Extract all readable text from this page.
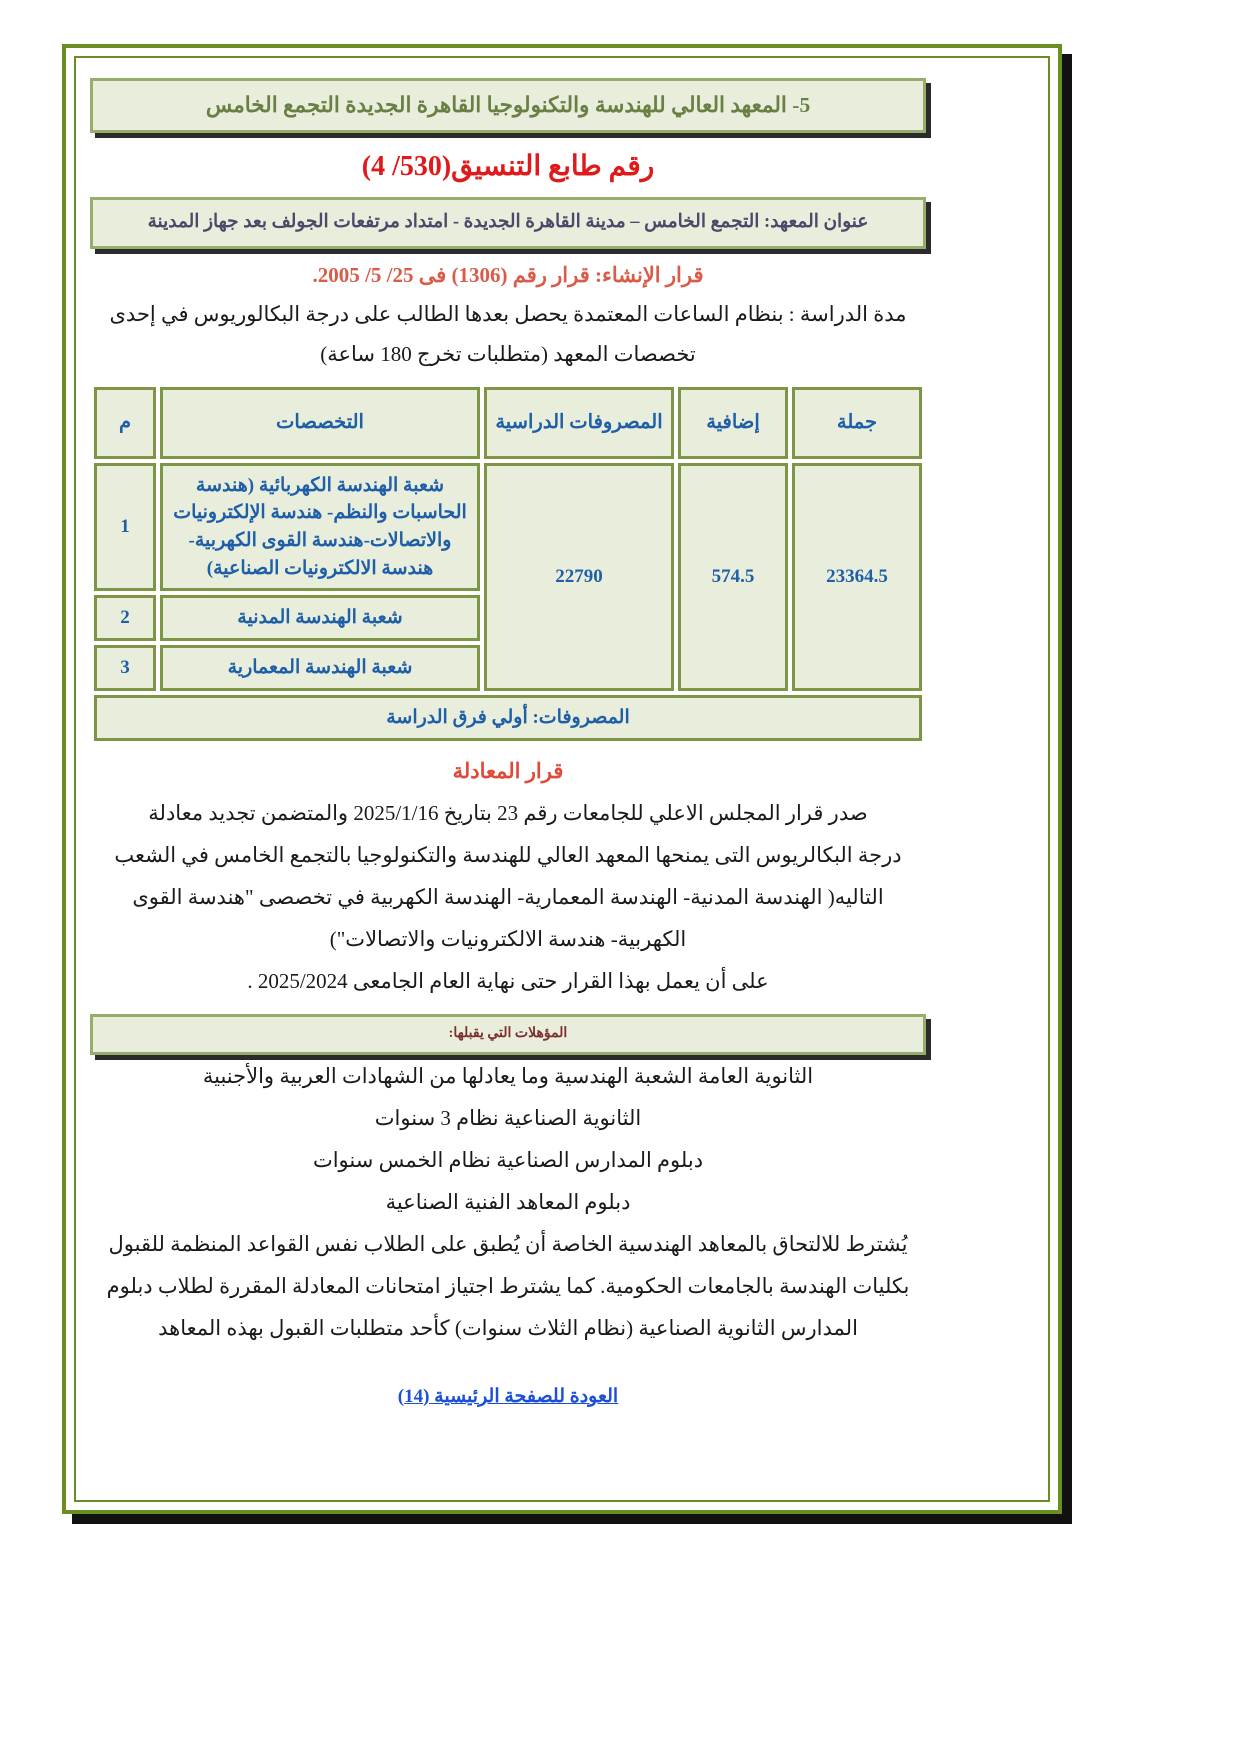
5- المعهد العالي للهندسة والتكنولوجيا القاهرة الجديدة التجمع الخامس
رقم طابع التنسيق(530/ 4)
عنوان المعهد: التجمع الخامس – مدينة القاهرة الجديدة - امتداد مرتفعات الجولف بعد جهاز المدينة
قرار الإنشاء: قرار رقم (1306) فى 25/ 5/ 2005.
مدة الدراسة : بنظام الساعات المعتمدة يحصل بعدها الطالب على درجة البكالوريوس في إحدى
تخصصات المعهد (متطلبات تخرج 180 ساعة)
جملة	إضافية	المصروفات الدراسية	التخصصات	م
23364.5	574.5	22790	شعبة الهندسة الكهربائية (هندسة الحاسبات والنظم- هندسة الإلكترونيات والاتصالات-هندسة القوى الكهربية-هندسة الالكترونيات الصناعية)	1
			شعبة الهندسة المدنية	2
			شعبة الهندسة المعمارية	3
المصروفات: أولي فرق الدراسة				
قرار المعادلة
صدر قرار المجلس الاعلي للجامعات رقم 23 بتاريخ 2025/1/16 والمتضمن تجديد معادلة
درجة البكالريوس التى يمنحها المعهد العالي للهندسة والتكنولوجيا بالتجمع الخامس في الشعب
التاليه( الهندسة المدنية- الهندسة المعمارية- الهندسة الكهربية في تخصصى "هندسة القوى
الكهربية- هندسة الالكترونيات والاتصالات")
على أن يعمل بهذا القرار حتى نهاية العام الجامعى 2025/2024 .
المؤهلات التي يقبلها:
الثانوية العامة الشعبة الهندسية وما يعادلها من الشهادات العربية والأجنبية
الثانوية الصناعية نظام 3 سنوات
دبلوم المدارس الصناعية نظام الخمس سنوات
دبلوم المعاهد الفنية الصناعية
يُشترط للالتحاق بالمعاهد الهندسية الخاصة أن يُطبق على الطلاب نفس القواعد المنظمة للقبول
بكليات الهندسة بالجامعات الحكومية. كما يشترط اجتياز امتحانات المعادلة المقررة لطلاب دبلوم
المدارس الثانوية الصناعية (نظام الثلاث سنوات) كأحد متطلبات القبول بهذه المعاهد
العودة للصفحة الرئيسية (14)
